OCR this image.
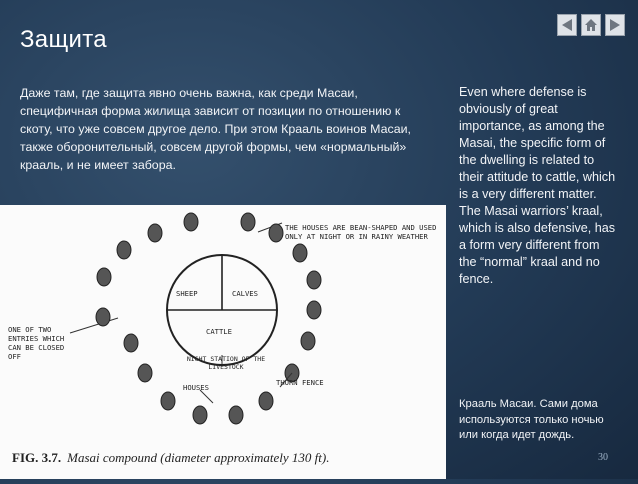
Защита
Даже там, где защита явно очень важна, как среди Масаи, специфичная форма жилища зависит от позиции по отношению к скоту, что уже совсем другое дело. При этом Крааль воинов Масаи, также оборонительный, совсем другой формы, чем «нормальный» крааль, и не имеет забора.
Even where defense is obviously of great importance, as among the Masai, the specific form of the dwelling is related to their attitude to cattle, which is a very different matter. The Masai warriors’ kraal, which is also defensive, has a form very different from the “normal” kraal and no fence.
THE HOUSES ARE BEAN-SHAPED AND USED ONLY AT NIGHT OR IN RAINY WEATHER
ONE OF TWO ENTRIES WHICH CAN BE CLOSED OFF
SHEEP	CALVES
CATTLE
NIGHT STATION OF THE LIVESTOCK
HOUSES
THORN FENCE
FIG. 3.7. Masai compound (diameter approximately 130 ft).
Крааль Масаи. Сами дома используются только ночью или когда идет дождь.
30
